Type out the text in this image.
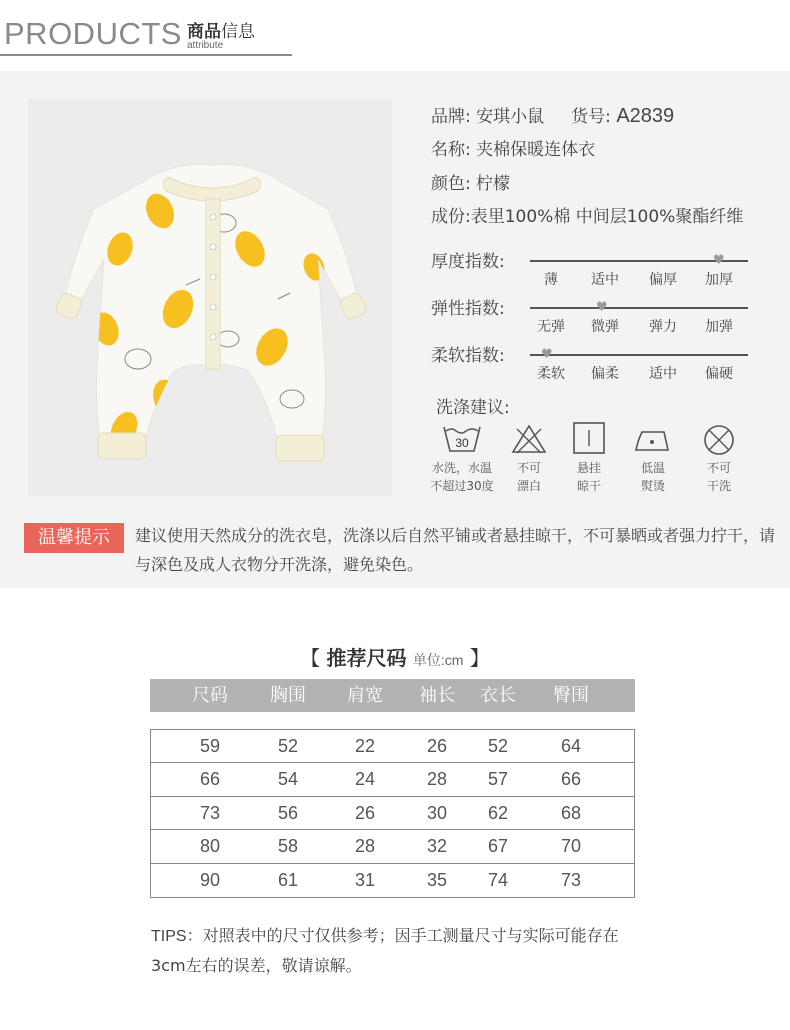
PRODUCTS 商品信息
attribute
品牌: 安琪小鼠 货号: A2839
名称: 夹棉保暖连体衣
颜色: 柠檬
成份:表里100%棉 中间层100%聚酯纤维
厚度指数:	♥
薄	适中	偏厚	加厚
弹性指数:	♥
无弹	微弹	弹力	加弹
柔软指数:	♥
柔软	偏柔	适中	偏硬
洗涤建议:
30
水洗，水温
不超过30度
不可
漂白
悬挂
晾干
低温
熨烫
不可
干洗
温馨提示	建议使用天然成分的洗衣皂，洗涤以后自然平铺或者悬挂晾干，不可暴晒或者强力拧干，请与深色及成人衣物分开洗涤，避免染色。
【 推荐尺码 单位:cm 】
尺码	胸围	肩宽	袖长	衣长	臀围
59	52	22	26	52	64
66	54	24	28	57	66
73	56	26	30	62	68
80	58	28	32	67	70
90	61	31	35	74	73
TIPS：对照表中的尺寸仅供参考；因手工测量尺寸与实际可能存在3cm左右的误差，敬请谅解。
